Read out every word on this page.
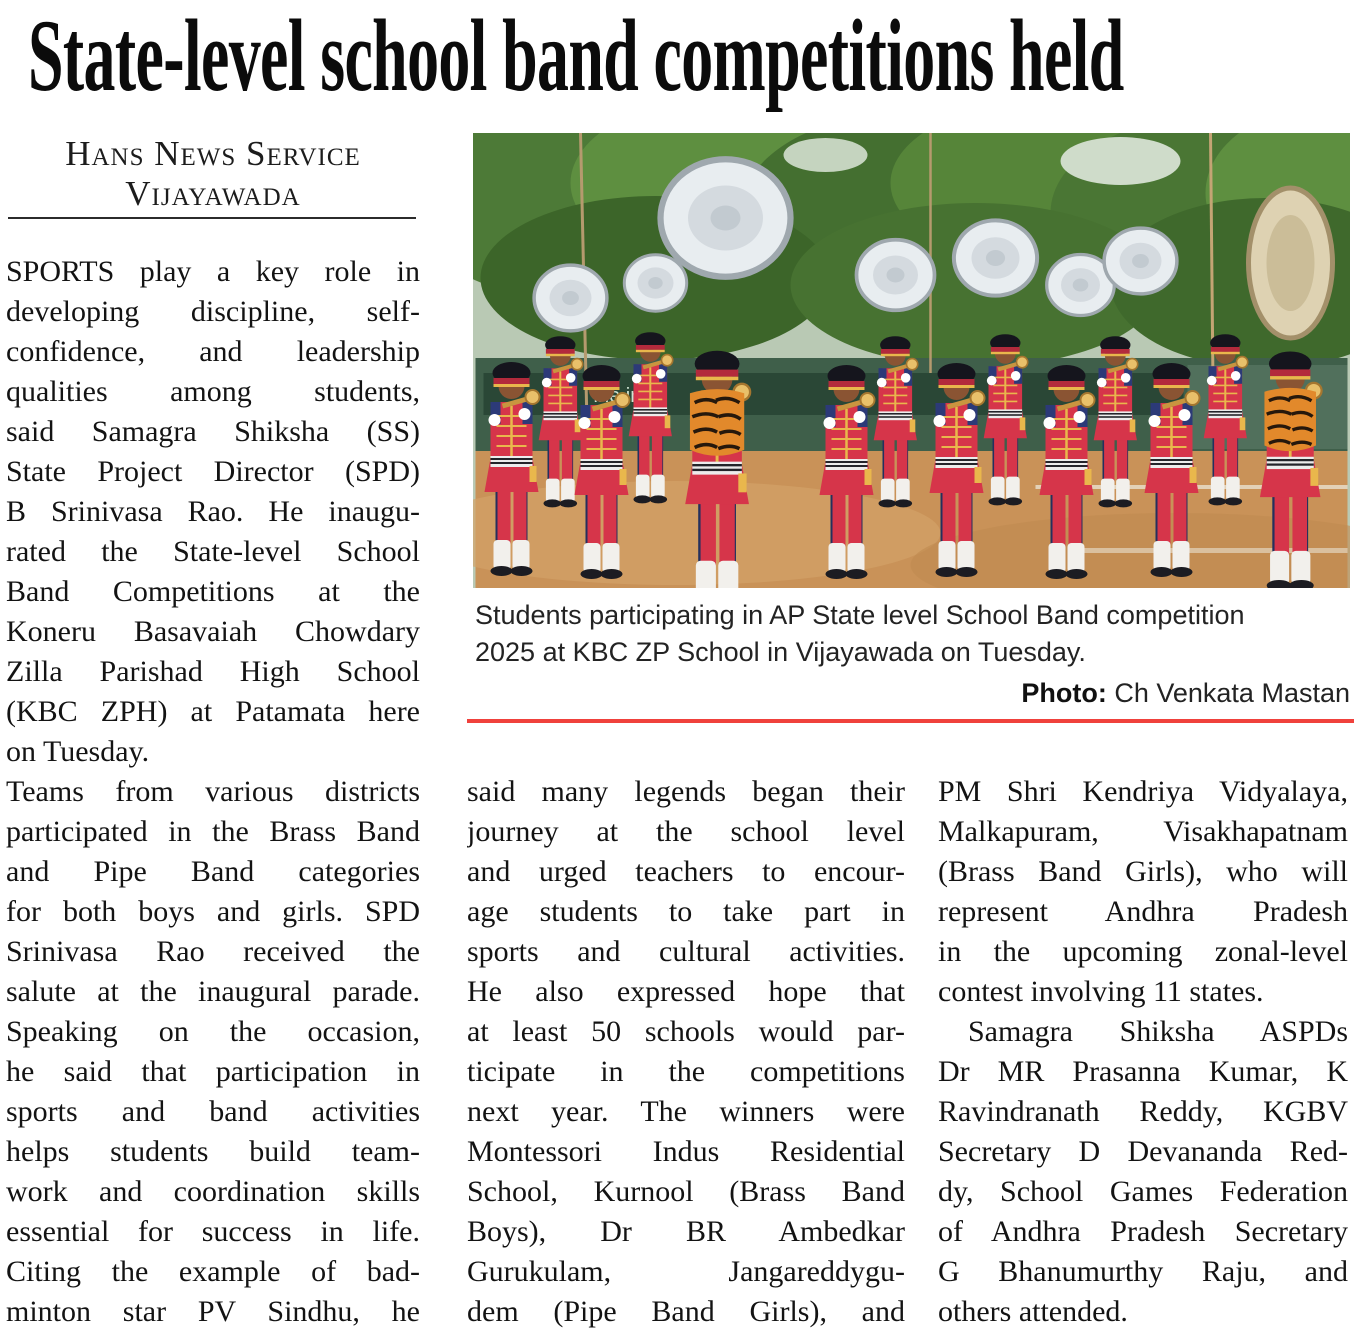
State-level school band competitions held
Hans News Service
Vijayawada
SPORTS play a key role in
developing discipline, self-
confidence, and leadership
qualities among students,
said Samagra Shiksha (SS)
State Project Director (SPD)
B Srinivasa Rao. He inaugu-
rated the State-level School
Band Competitions at the
Koneru Basavaiah Chowdary
Zilla Parishad High School
(KBC ZPH) at Patamata here
on Tuesday.
Teams from various districts
participated in the Brass Band
and Pipe Band categories
for both boys and girls. SPD
Srinivasa Rao received the
salute at the inaugural parade.
Speaking on the occasion,
he said that participation in
sports and band activities
helps students build team-
work and coordination skills
essential for success in life.
Citing the example of bad-
minton star PV Sindhu, he
Students participating in AP State level School Band competition
2025 at KBC ZP School in Vijayawada on Tuesday.
Photo: Ch Venkata Mastan
said many legends began their
journey at the school level
and urged teachers to encour-
age students to take part in
sports and cultural activities.
He also expressed hope that
at least 50 schools would par-
ticipate in the competitions
next year. The winners were
Montessori Indus Residential
School, Kurnool (Brass Band
Boys), Dr BR Ambedkar
Gurukulam, Jangareddygu-
dem (Pipe Band Girls), and
PM Shri Kendriya Vidyalaya,
Malkapuram, Visakhapatnam
(Brass Band Girls), who will
represent Andhra Pradesh
in the upcoming zonal-level
contest involving 11 states.
Samagra Shiksha ASPDs
Dr MR Prasanna Kumar, K
Ravindranath Reddy, KGBV
Secretary D Devananda Red-
dy, School Games Federation
of Andhra Pradesh Secretary
G Bhanumurthy Raju, and
others attended.
